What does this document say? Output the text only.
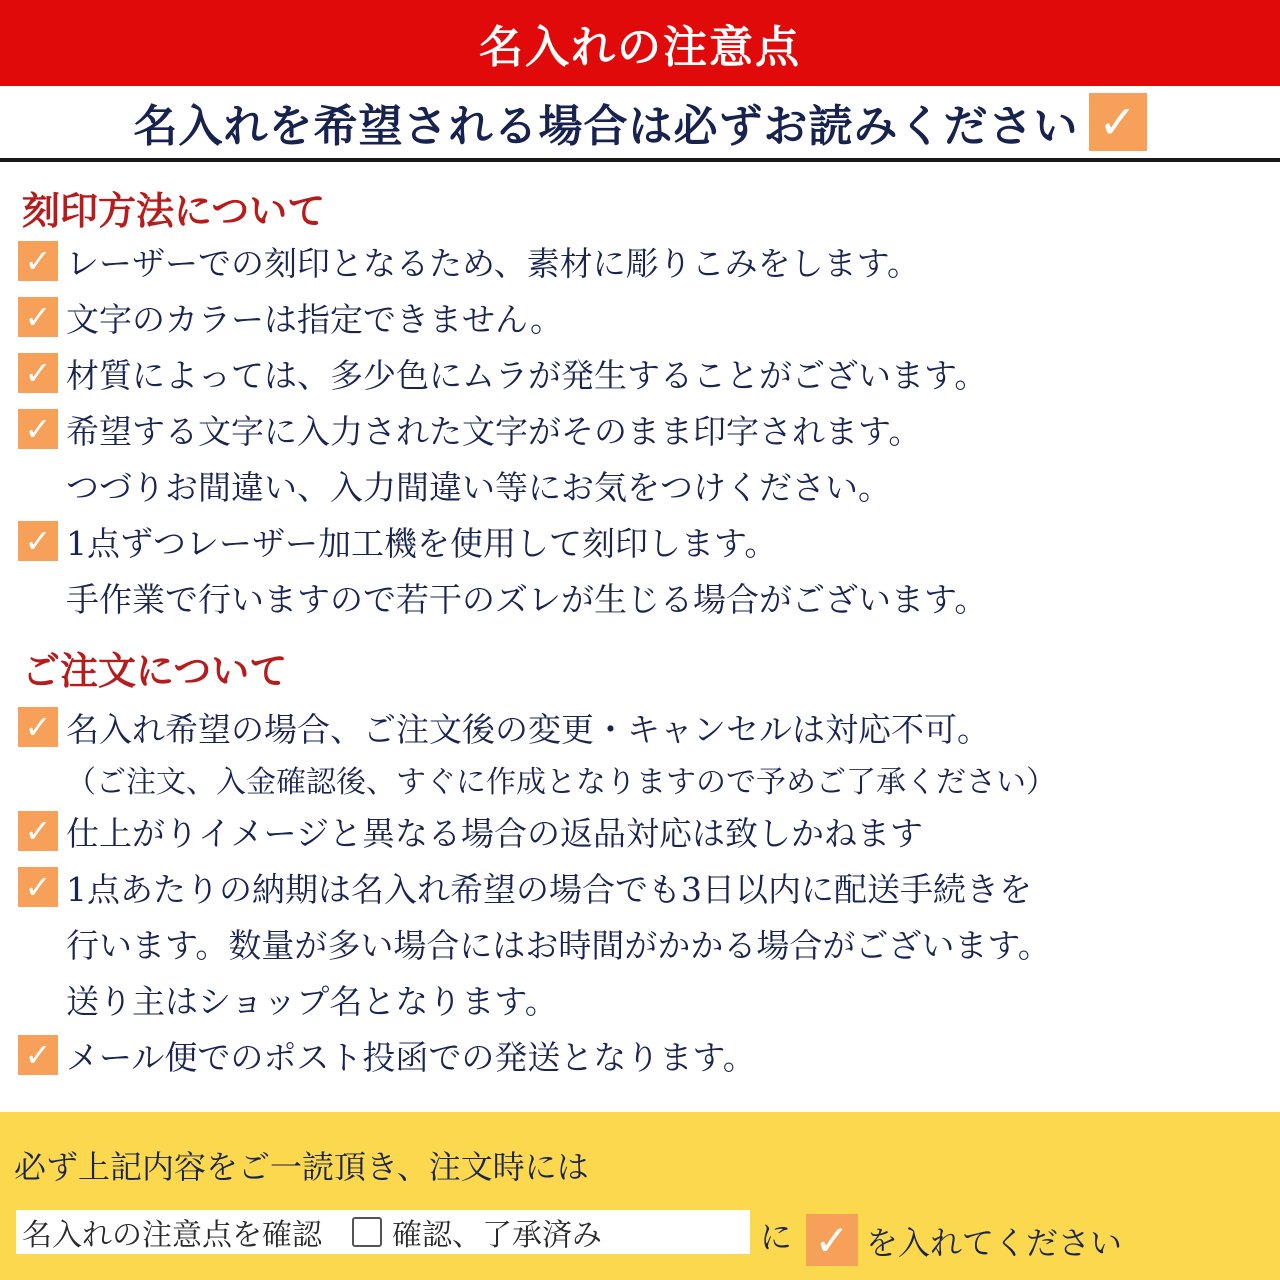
名入れの注意点
名入れを希望される場合は必ずお読みください ✓
刻印方法について
✓ レーザーでの刻印となるため、素材に彫りこみをします。
✓ 文字のカラーは指定できません。
✓ 材質によっては、多少色にムラが発生することがございます。
✓ 希望する文字に入力された文字がそのまま印字されます。
つづりお間違い、入力間違い等にお気をつけください。
✓ 1点ずつレーザー加工機を使用して刻印します。
手作業で行いますので若干のズレが生じる場合がございます。
ご注文について
✓ 名入れ希望の場合、ご注文後の変更・キャンセルは対応不可。
（ご注文、入金確認後、すぐに作成となりますので予めご了承ください）
✓ 仕上がりイメージと異なる場合の返品対応は致しかねます
✓ 1点あたりの納期は名入れ希望の場合でも3日以内に配送手続きを
行います。数量が多い場合にはお時間がかかる場合がございます。
送り主はショップ名となります。
✓ メール便でのポスト投函での発送となります。
必ず上記内容をご一読頂き、注文時には
名入れの注意点を確認 確認、了承済み	に ✓ を入れてください
